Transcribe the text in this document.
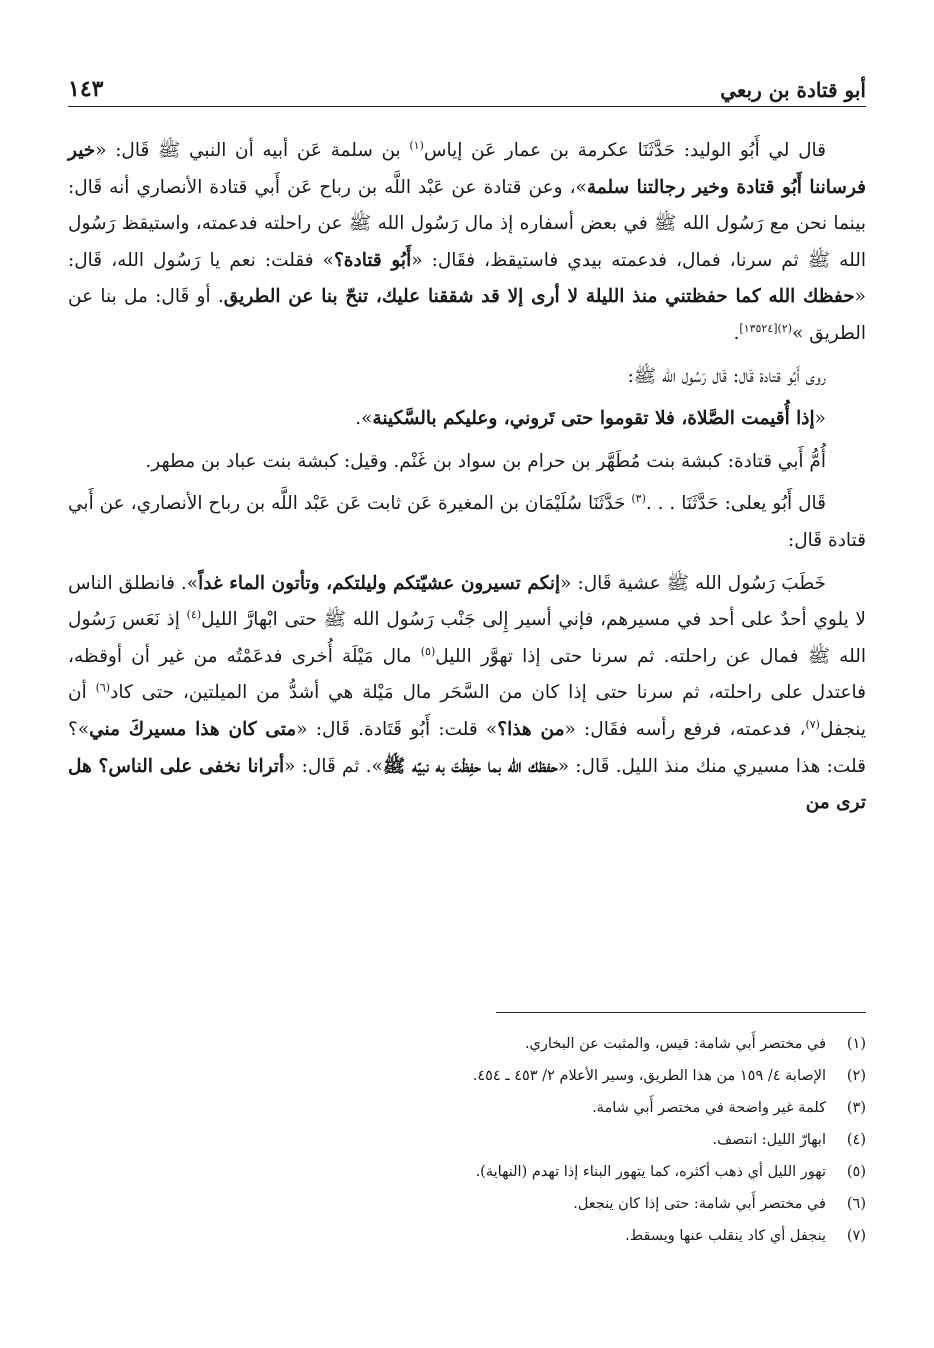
أبو قتادة بن ربعي
١٤٣

قال لي أَبُو الوليد: حَدَّثَنَا عكرمة بن عمار عَن إياس$^{(١)}$ بن سلمة عَن أبيه أن النبي ﷺ قَال: «خير فرساننا أَبُو قتادة وخير رجالتنا سلمة»، وعن قتادة عن عَبْد اللَّه بن رباح عَن أَبي قتادة الأنصاري أنه قَال: بينما نحن مع رَسُول الله ﷺ في بعض أسفاره إذ مال رَسُول الله ﷺ عن راحلته فدعمته، واستيقظ رَسُول الله ﷺ ثم سرنا، فمال، فدعمته بيدي فاستيقظ، فقَال: «أَبُو قتادة؟» فقلت: نعم يا رَسُول الله، قَال: «حفظك الله كما حفظتني منذ الليلة لا أرى إلا قد شققنا عليك، تنحّ بنا عن الطريق. أو قَال: مل بنا عن الطريق »$^{(٢)[١٣٥٢٤]}$.

روى أَبُو قتادة قَال: قَال رَسُول الله ﷺ:

«إذا أُقيمت الصَّلاة، فلا تقوموا حتى تَروني، وعليكم بالسَّكينة».

أُمُّ أَبي قتادة: كبشة بنت مُطَهَّر بن حرام بن سواد بن غَنْم. وقيل: كبشة بنت عباد بن مطهر.

قَال أَبُو يعلى: حَدَّثَنَا . . .$^{(٣)}$ حَدَّثَنَا سُلَيْمَان بن المغيرة عَن ثابت عَن عَبْد اللَّه بن رباح الأنصاري، عن أَبي قتادة قَال:

خَطَبَ رَسُول الله ﷺ عشية قَال: «إنكم تسيرون عشيّتكم وليلتكم، وتأتون الماء غداً». فانطلق الناس لا يلوي أحدٌ على أحد في مسيرهم، فإني أسير إِلى جَنْب رَسُول الله ﷺ حتى ابْهارَّ الليل$^{(٤)}$ إذ نَعَس رَسُول الله ﷺ فمال عن راحلته. ثم سرنا حتى إذا تهوَّر الليل$^{(٥)}$ مال مَيْلَة أُخرى فدعَمْتُه من غير أن أوقظه، فاعتدل على راحلته، ثم سرنا حتى إذا كان من السَّحَر مال مَيْلة هي أشدُّ من الميلتين، حتى كاد$^{(٦)}$ أن ينجفل$^{(٧)}$، فدعمته، فرفع رأسه فقَال: «من هذا؟» قلت: أَبُو قَتَادة. قَال: «متى كان هذا مسيركَ مني»؟ قلت: هذا مسيري منك منذ الليل. قَال: «حفظك الله بما حفِظْتَ به نبيّه ﷺ». ثم قَال: «أترانا نخفى على الناس؟ هل ترى من

(١)
في مختصر أَبي شامة: قيس، والمثبت عن البخاري.
(٢)
الإصابة ٤/ ١٥٩ من هذا الطريق، وسير الأعلام ٢/ ٤٥٣ ـ ٤٥٤.
(٣)
كلمة غير واضحة في مختصر أَبي شامة.
(٤)
ابهارّ الليل: انتصف.
(٥)
تهور الليل أي ذهب أكثره، كما يتهور البناء إذا تهدم (النهاية).
(٦)
في مختصر أَبي شامة: حتى إذا كان ينجعل.
(٧)
ينجفل أي كاد ينقلب عنها ويسقط.
